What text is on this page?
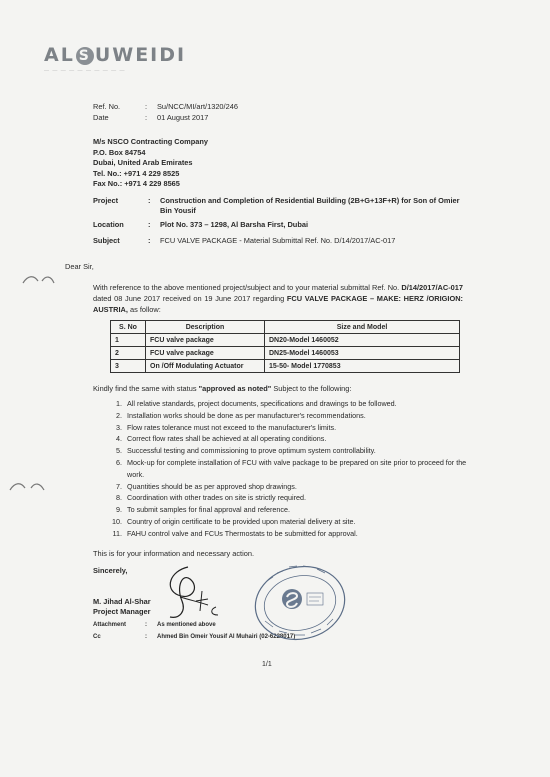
AL S UWEIDI
— — — — — — — — — —
Ref. No.	:	Su/NCC/MI/art/1320/246
Date	:	01 August 2017
M/s NSCO Contracting Company
P.O. Box 84754
Dubai, United Arab Emirates
Tel. No.: +971 4 229 8525
Fax No.: +971 4 229 8565
Project	:	Construction and Completion of Residential Building (2B+G+13F+R) for Son of Omier Bin Yousif
Location	:	Plot No. 373 – 1298, Al Barsha First, Dubai
Subject	:	FCU VALVE PACKAGE - Material Submittal Ref. No. D/14/2017/AC-017
Dear Sir,
With reference to the above mentioned project/subject and to your material submittal Ref. No. D/14/2017/AC-017 dated 08 June 2017 received on 19 June 2017 regarding FCU VALVE PACKAGE – MAKE: HERZ /ORIGION: AUSTRIA, as follow:
S. No	Description	Size and Model
1	FCU valve package	DN20-Model 1460052
2	FCU valve package	DN25-Model 1460053
3	On /Off Modulating Actuator	15-50- Model 1770853
Kindly find the same with status "approved as noted" Subject to the following:
1. All relative standards, project documents, specifications and drawings to be followed.
2. Installation works should be done as per manufacturer's recommendations.
3. Flow rates tolerance must not exceed to the manufacturer's limits.
4. Correct flow rates shall be achieved at all operating conditions.
5. Successful testing and commissioning to prove optimum system controllability.
6. Mock-up for complete installation of FCU with valve package to be prepared on site prior to proceed for the work.
7. Quantities should be as per approved shop drawings.
8. Coordination with other trades on site is strictly required.
9. To submit samples for final approval and reference.
10. Country of origin certificate to be provided upon material delivery at site.
11. FAHU control valve and FCUs Thermostats to be submitted for approval.
This is for your information and necessary action.
Sincerely,
M. Jihad Al-Shar
Project Manager
Attachment	:	As mentioned above
Cc	:	Ahmed Bin Omeir Yousif Al Muhairi (02-6228017)
1/1
